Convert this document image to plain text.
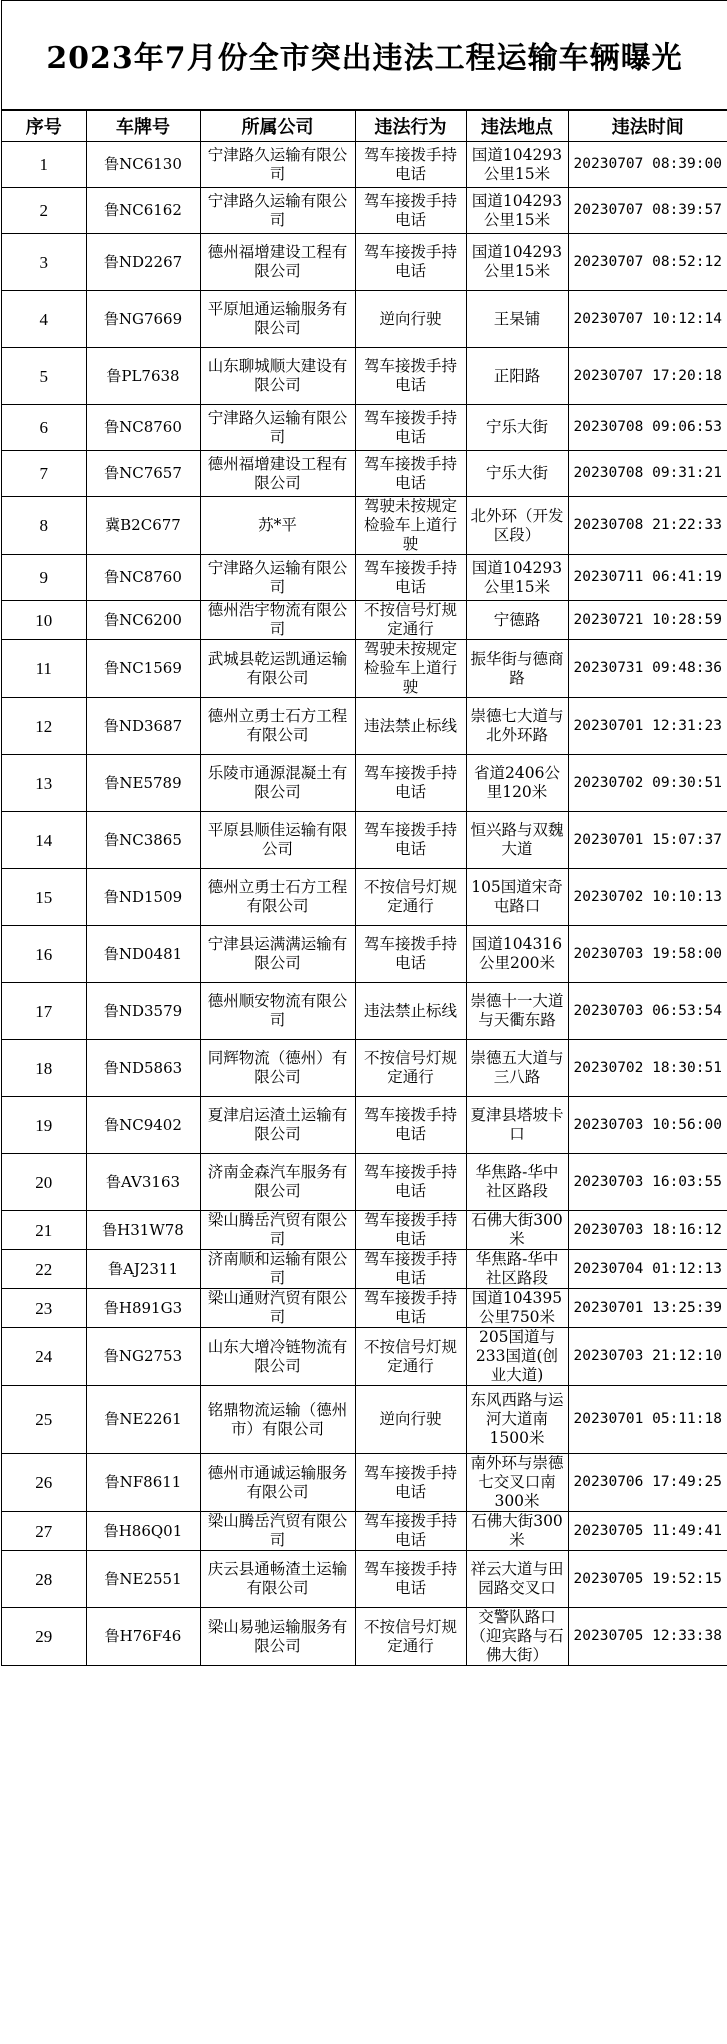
2023年7月份全市突出违法工程运输车辆曝光
序号	车牌号	所属公司	违法行为	违法地点	违法时间
1	鲁NC6130	宁津路久运输有限公司	驾车接拨手持电话	国道104293公里15米	20230707 08:39:00
2	鲁NC6162	宁津路久运输有限公司	驾车接拨手持电话	国道104293公里15米	20230707 08:39:57
3	鲁ND2267	德州福增建设工程有限公司	驾车接拨手持电话	国道104293公里15米	20230707 08:52:12
4	鲁NG7669	平原旭通运输服务有限公司	逆向行驶	王杲铺	20230707 10:12:14
5	鲁PL7638	山东聊城顺大建设有限公司	驾车接拨手持电话	正阳路	20230707 17:20:18
6	鲁NC8760	宁津路久运输有限公司	驾车接拨手持电话	宁乐大街	20230708 09:06:53
7	鲁NC7657	德州福增建设工程有限公司	驾车接拨手持电话	宁乐大街	20230708 09:31:21
8	冀B2C677	苏*平	驾驶未按规定检验车上道行驶	北外环（开发区段）	20230708 21:22:33
9	鲁NC8760	宁津路久运输有限公司	驾车接拨手持电话	国道104293公里15米	20230711 06:41:19
10	鲁NC6200	德州浩宇物流有限公司	不按信号灯规定通行	宁德路	20230721 10:28:59
11	鲁NC1569	武城县乾运凯通运输有限公司	驾驶未按规定检验车上道行驶	振华街与德商路	20230731 09:48:36
12	鲁ND3687	德州立勇士石方工程有限公司	违法禁止标线	崇德七大道与北外环路	20230701 12:31:23
13	鲁NE5789	乐陵市通源混凝土有限公司	驾车接拨手持电话	省道2406公里120米	20230702 09:30:51
14	鲁NC3865	平原县顺佳运输有限公司	驾车接拨手持电话	恒兴路与双魏大道	20230701 15:07:37
15	鲁ND1509	德州立勇士石方工程有限公司	不按信号灯规定通行	105国道宋奇屯路口	20230702 10:10:13
16	鲁ND0481	宁津县运满满运输有限公司	驾车接拨手持电话	国道104316公里200米	20230703 19:58:00
17	鲁ND3579	德州顺安物流有限公司	违法禁止标线	崇德十一大道与天衢东路	20230703 06:53:54
18	鲁ND5863	同辉物流（德州）有限公司	不按信号灯规定通行	崇德五大道与三八路	20230702 18:30:51
19	鲁NC9402	夏津启运渣土运输有限公司	驾车接拨手持电话	夏津县塔坡卡口	20230703 10:56:00
20	鲁AV3163	济南金森汽车服务有限公司	驾车接拨手持电话	华焦路-华中社区路段	20230703 16:03:55
21	鲁H31W78	梁山腾岳汽贸有限公司	驾车接拨手持电话	石佛大街300米	20230703 18:16:12
22	鲁AJ2311	济南顺和运输有限公司	驾车接拨手持电话	华焦路-华中社区路段	20230704 01:12:13
23	鲁H891G3	梁山通财汽贸有限公司	驾车接拨手持电话	国道104395公里750米	20230701 13:25:39
24	鲁NG2753	山东大增冷链物流有限公司	不按信号灯规定通行	205国道与233国道(创业大道)	20230703 21:12:10
25	鲁NE2261	铭鼎物流运输（德州市）有限公司	逆向行驶	东风西路与运河大道南1500米	20230701 05:11:18
26	鲁NF8611	德州市通诚运输服务有限公司	驾车接拨手持电话	南外环与崇德七交叉口南300米	20230706 17:49:25
27	鲁H86Q01	梁山腾岳汽贸有限公司	驾车接拨手持电话	石佛大街300米	20230705 11:49:41
28	鲁NE2551	庆云县通畅渣土运输有限公司	驾车接拨手持电话	祥云大道与田园路交叉口	20230705 19:52:15
29	鲁H76F46	梁山易驰运输服务有限公司	不按信号灯规定通行	交警队路口（迎宾路与石佛大街）	20230705 12:33:38
